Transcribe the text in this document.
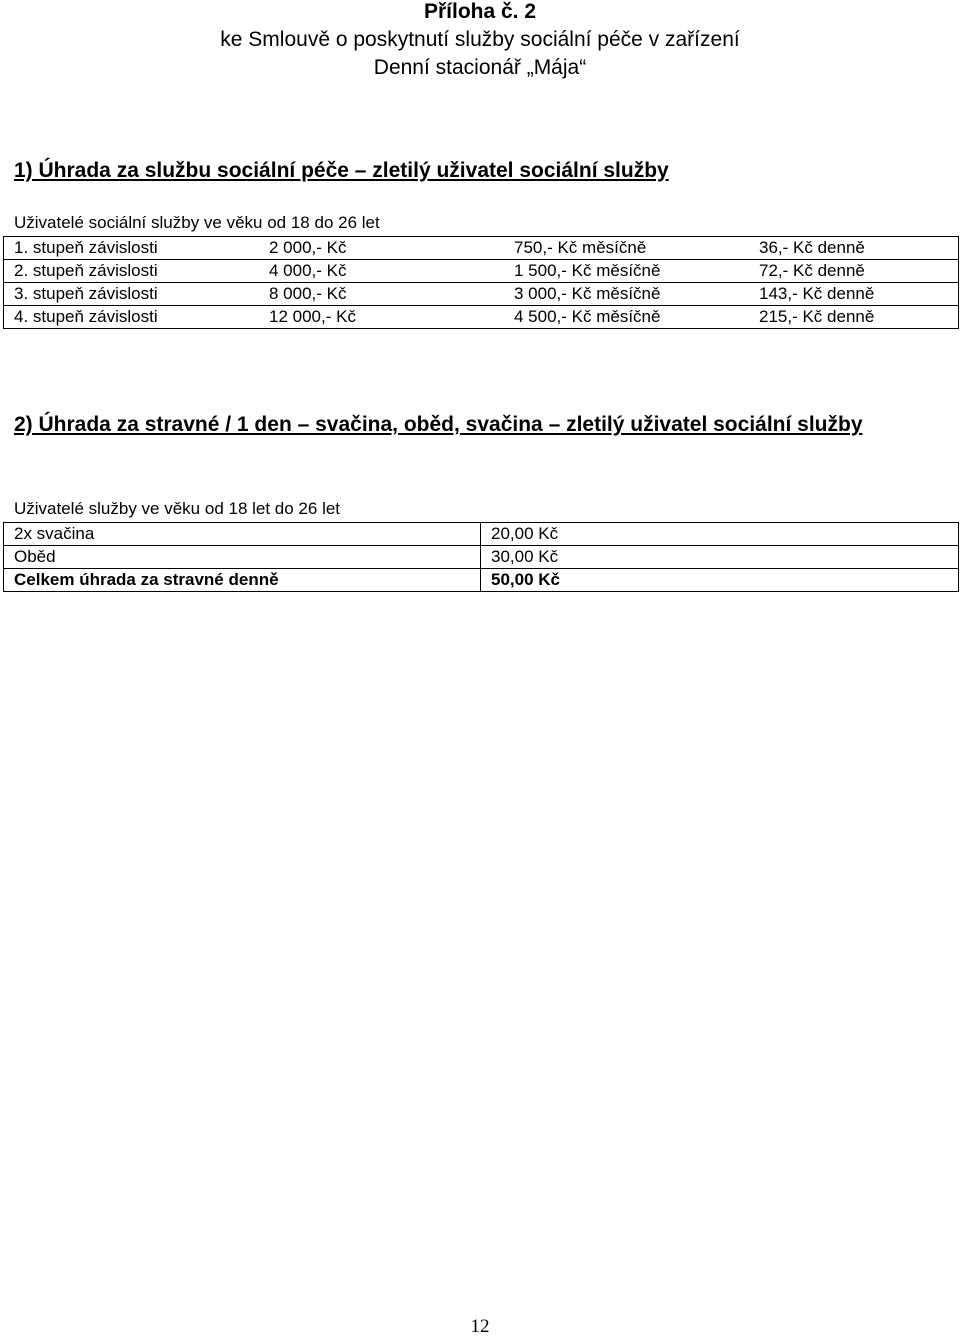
Příloha č. 2
ke Smlouvě o poskytnutí služby sociální péče v zařízení
Denní stacionář „Mája“
1) Úhrada za službu sociální péče – zletilý uživatel sociální služby
Uživatelé sociální služby ve věku od 18 do 26 let
1. stupeň závislosti	2 000,- Kč	750,- Kč měsíčně	36,- Kč denně
2. stupeň závislosti	4 000,- Kč	1 500,- Kč měsíčně	72,- Kč denně
3. stupeň závislosti	8 000,- Kč	3 000,- Kč měsíčně	143,- Kč denně
4. stupeň závislosti	12 000,- Kč	4 500,- Kč měsíčně	215,- Kč denně
2) Úhrada za stravné / 1 den – svačina, oběd, svačina – zletilý uživatel sociální služby
Uživatelé služby ve věku od 18 let do 26 let
2x svačina	20,00 Kč
Oběd	30,00 Kč
Celkem úhrada za stravné denně	50,00 Kč
12
